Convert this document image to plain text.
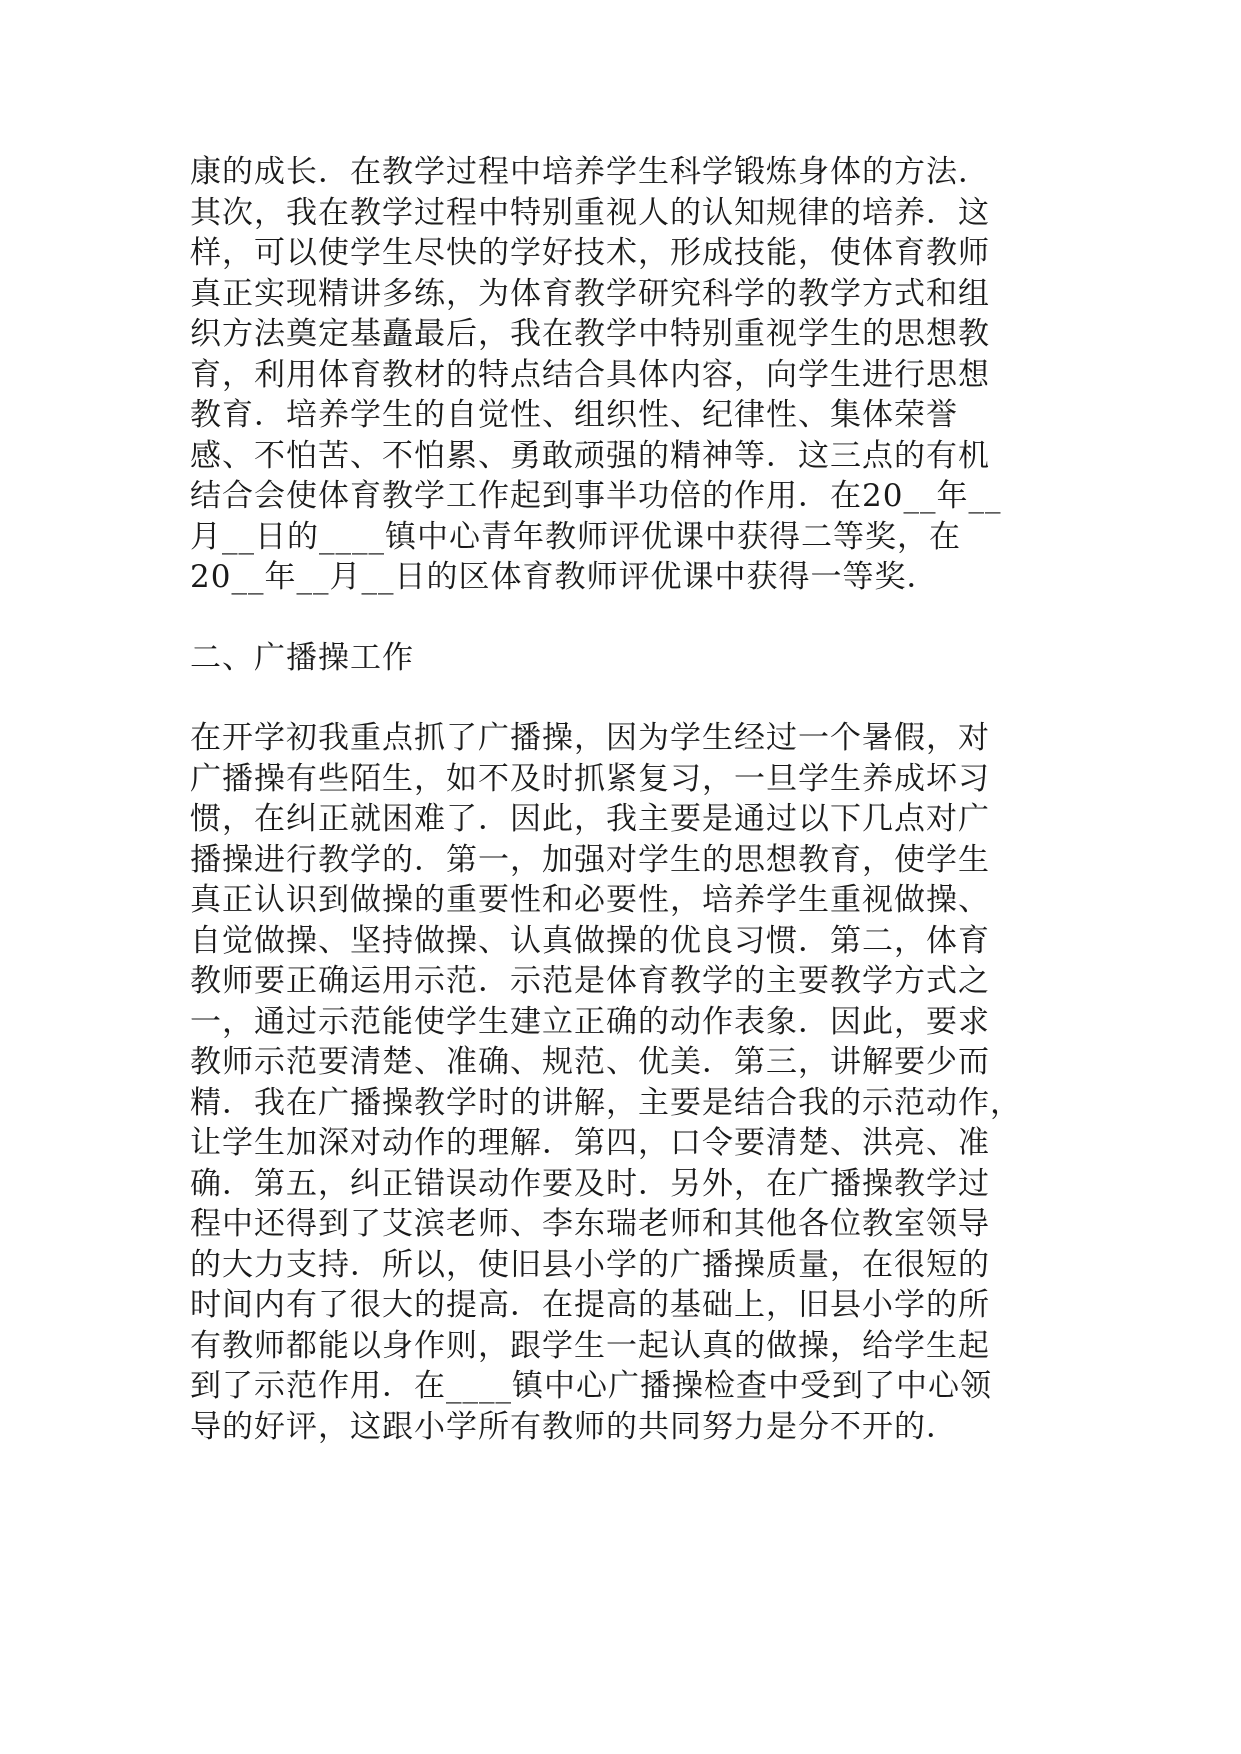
康的成长．在教学过程中培养学生科学锻炼身体的方法．
其次，我在教学过程中特别重视人的认知规律的培养．这
样，可以使学生尽快的学好技术，形成技能，使体育教师
真正实现精讲多练，为体育教学研究科学的教学方式和组
织方法奠定基矗最后，我在教学中特别重视学生的思想教
育，利用体育教材的特点结合具体内容，向学生进行思想
教育．培养学生的自觉性、组织性、纪律性、集体荣誉
感、不怕苦、不怕累、勇敢顽强的精神等．这三点的有机
结合会使体育教学工作起到事半功倍的作用．在20__年__
月__日的____镇中心青年教师评优课中获得二等奖，在
20__年__月__日的区体育教师评优课中获得一等奖．
二、广播操工作
在开学初我重点抓了广播操，因为学生经过一个暑假，对
广播操有些陌生，如不及时抓紧复习，一旦学生养成坏习
惯，在纠正就困难了．因此，我主要是通过以下几点对广
播操进行教学的．第一，加强对学生的思想教育，使学生
真正认识到做操的重要性和必要性，培养学生重视做操、
自觉做操、坚持做操、认真做操的优良习惯．第二，体育
教师要正确运用示范．示范是体育教学的主要教学方式之
一，通过示范能使学生建立正确的动作表象．因此，要求
教师示范要清楚、准确、规范、优美．第三，讲解要少而
精．我在广播操教学时的讲解，主要是结合我的示范动作，
让学生加深对动作的理解．第四，口令要清楚、洪亮、准
确．第五，纠正错误动作要及时．另外，在广播操教学过
程中还得到了艾滨老师、李东瑞老师和其他各位教室领导
的大力支持．所以，使旧县小学的广播操质量，在很短的
时间内有了很大的提高．在提高的基础上，旧县小学的所
有教师都能以身作则，跟学生一起认真的做操，给学生起
到了示范作用．在____镇中心广播操检查中受到了中心领
导的好评，这跟小学所有教师的共同努力是分不开的．
